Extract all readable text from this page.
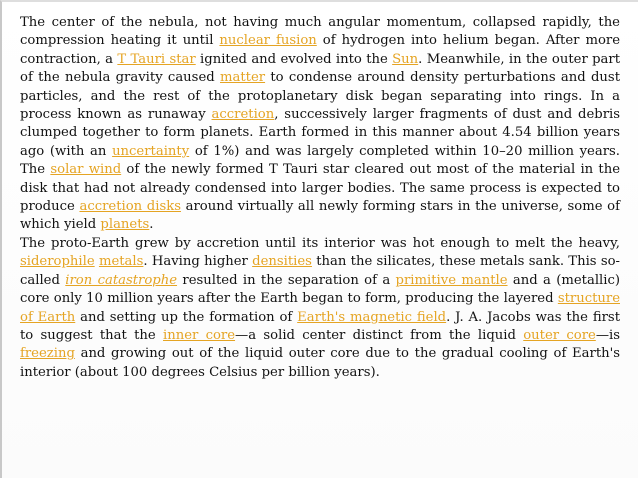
The center of the nebula, not having much angular momentum, collapsed rapidly, the compression heating it until nuclear fusion of hydrogen into helium began. After more contraction, a T Tauri star ignited and evolved into the Sun. Meanwhile, in the outer part of the nebula gravity caused matter to condense around density perturbations and dust particles, and the rest of the protoplanetary disk began separating into rings. In a process known as runaway accretion, successively larger fragments of dust and debris clumped together to form planets. Earth formed in this manner about 4.54 billion years ago (with an uncertainty of 1%) and was largely completed within 10–20 million years. The solar wind of the newly formed T Tauri star cleared out most of the material in the disk that had not already condensed into larger bodies. The same process is expected to produce accretion disks around virtually all newly forming stars in the universe, some of which yield planets.

The proto-Earth grew by accretion until its interior was hot enough to melt the heavy, siderophile metals. Having higher densities than the silicates, these metals sank. This so-called iron catastrophe resulted in the separation of a primitive mantle and a (metallic) core only 10 million years after the Earth began to form, producing the layered structure of Earth and setting up the formation of Earth's magnetic field. J. A. Jacobs was the first to suggest that the inner core—a solid center distinct from the liquid outer core—is freezing and growing out of the liquid outer core due to the gradual cooling of Earth's interior (about 100 degrees Celsius per billion years).
